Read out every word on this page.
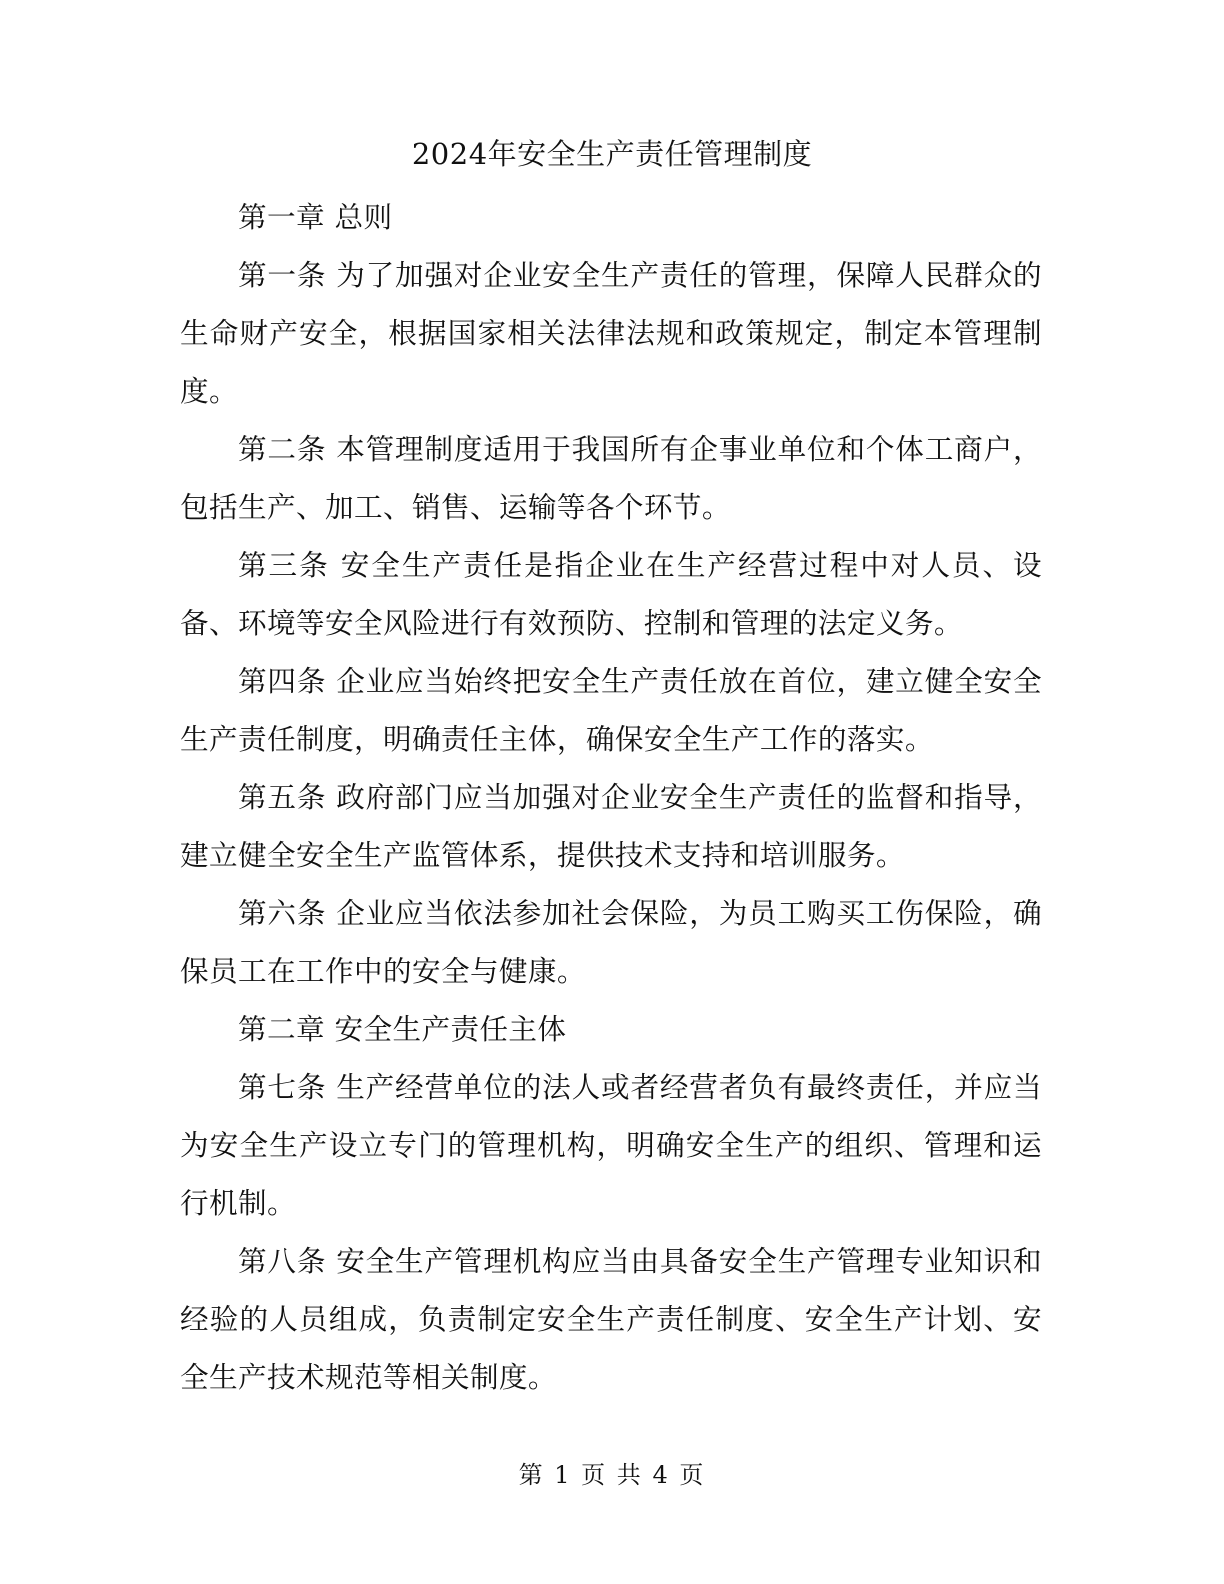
2024年安全生产责任管理制度

第一章 总则

第一条 为了加强对企业安全生产责任的管理，保障人民群众的生命财产安全，根据国家相关法律法规和政策规定，制定本管理制度。

第二条 本管理制度适用于我国所有企事业单位和个体工商户，包括生产、加工、销售、运输等各个环节。

第三条 安全生产责任是指企业在生产经营过程中对人员、设备、环境等安全风险进行有效预防、控制和管理的法定义务。

第四条 企业应当始终把安全生产责任放在首位，建立健全安全生产责任制度，明确责任主体，确保安全生产工作的落实。

第五条 政府部门应当加强对企业安全生产责任的监督和指导，建立健全安全生产监管体系，提供技术支持和培训服务。

第六条 企业应当依法参加社会保险，为员工购买工伤保险，确保员工在工作中的安全与健康。

第二章 安全生产责任主体

第七条 生产经营单位的法人或者经营者负有最终责任，并应当为安全生产设立专门的管理机构，明确安全生产的组织、管理和运行机制。

第八条 安全生产管理机构应当由具备安全生产管理专业知识和经验的人员组成，负责制定安全生产责任制度、安全生产计划、安全生产技术规范等相关制度。

第 1 页 共 4 页
